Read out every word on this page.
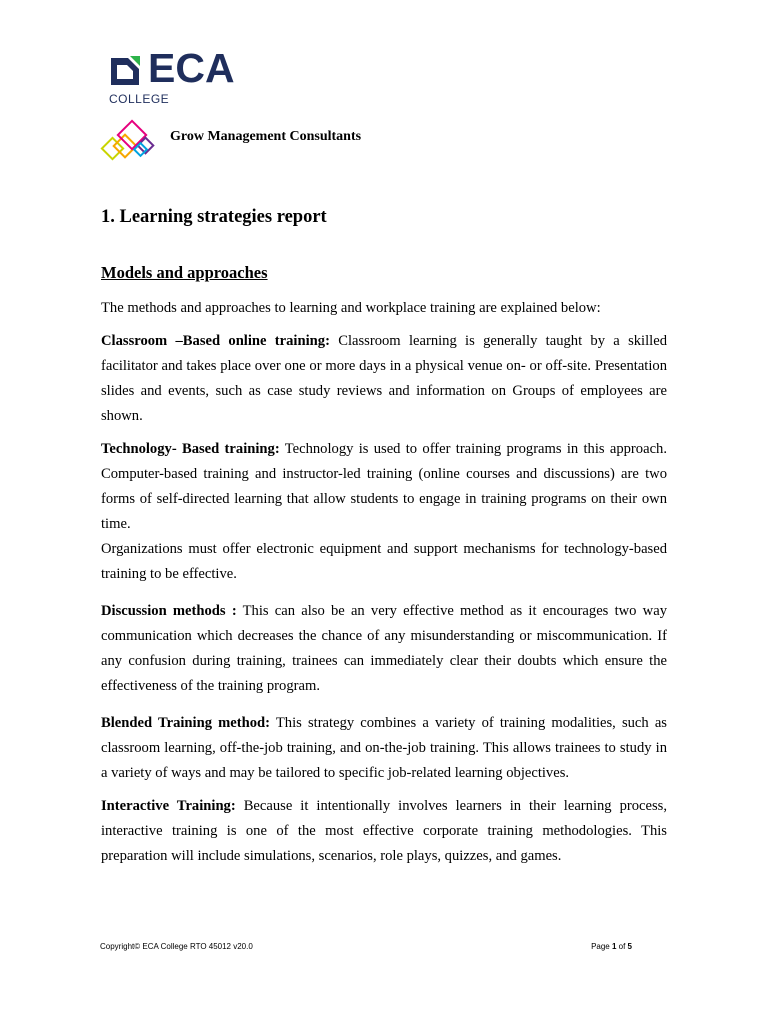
ECA
COLLEGE
Grow Management Consultants
1. Learning strategies report
Models and approaches

The methods and approaches to learning and workplace training are explained below:

Classroom –Based online training: Classroom learning is generally taught by a skilled facilitator and takes place over one or more days in a physical venue on- or off-site. Presentation slides and events, such as case study reviews and information on Groups of employees are shown.

Technology- Based training: Technology is used to offer training programs in this approach. Computer-based training and instructor-led training (online courses and discussions) are two forms of self-directed learning that allow students to engage in training programs on their own time.

Organizations must offer electronic equipment and support mechanisms for technology-based training to be effective.

Discussion methods : This can also be an very effective method as it encourages two way communication which decreases the chance of any misunderstanding or miscommunication. If any confusion during training, trainees can immediately clear their doubts which ensure the effectiveness of the training program.

Blended Training method: This strategy combines a variety of training modalities, such as classroom learning, off-the-job training, and on-the-job training. This allows trainees to study in a variety of ways and may be tailored to specific job-related learning objectives.

Interactive Training: Because it intentionally involves learners in their learning process, interactive training is one of the most effective corporate training methodologies. This preparation will include simulations, scenarios, role plays, quizzes, and games.

Copyright© ECA College RTO 45012 v20.0	Page 1 of 5
